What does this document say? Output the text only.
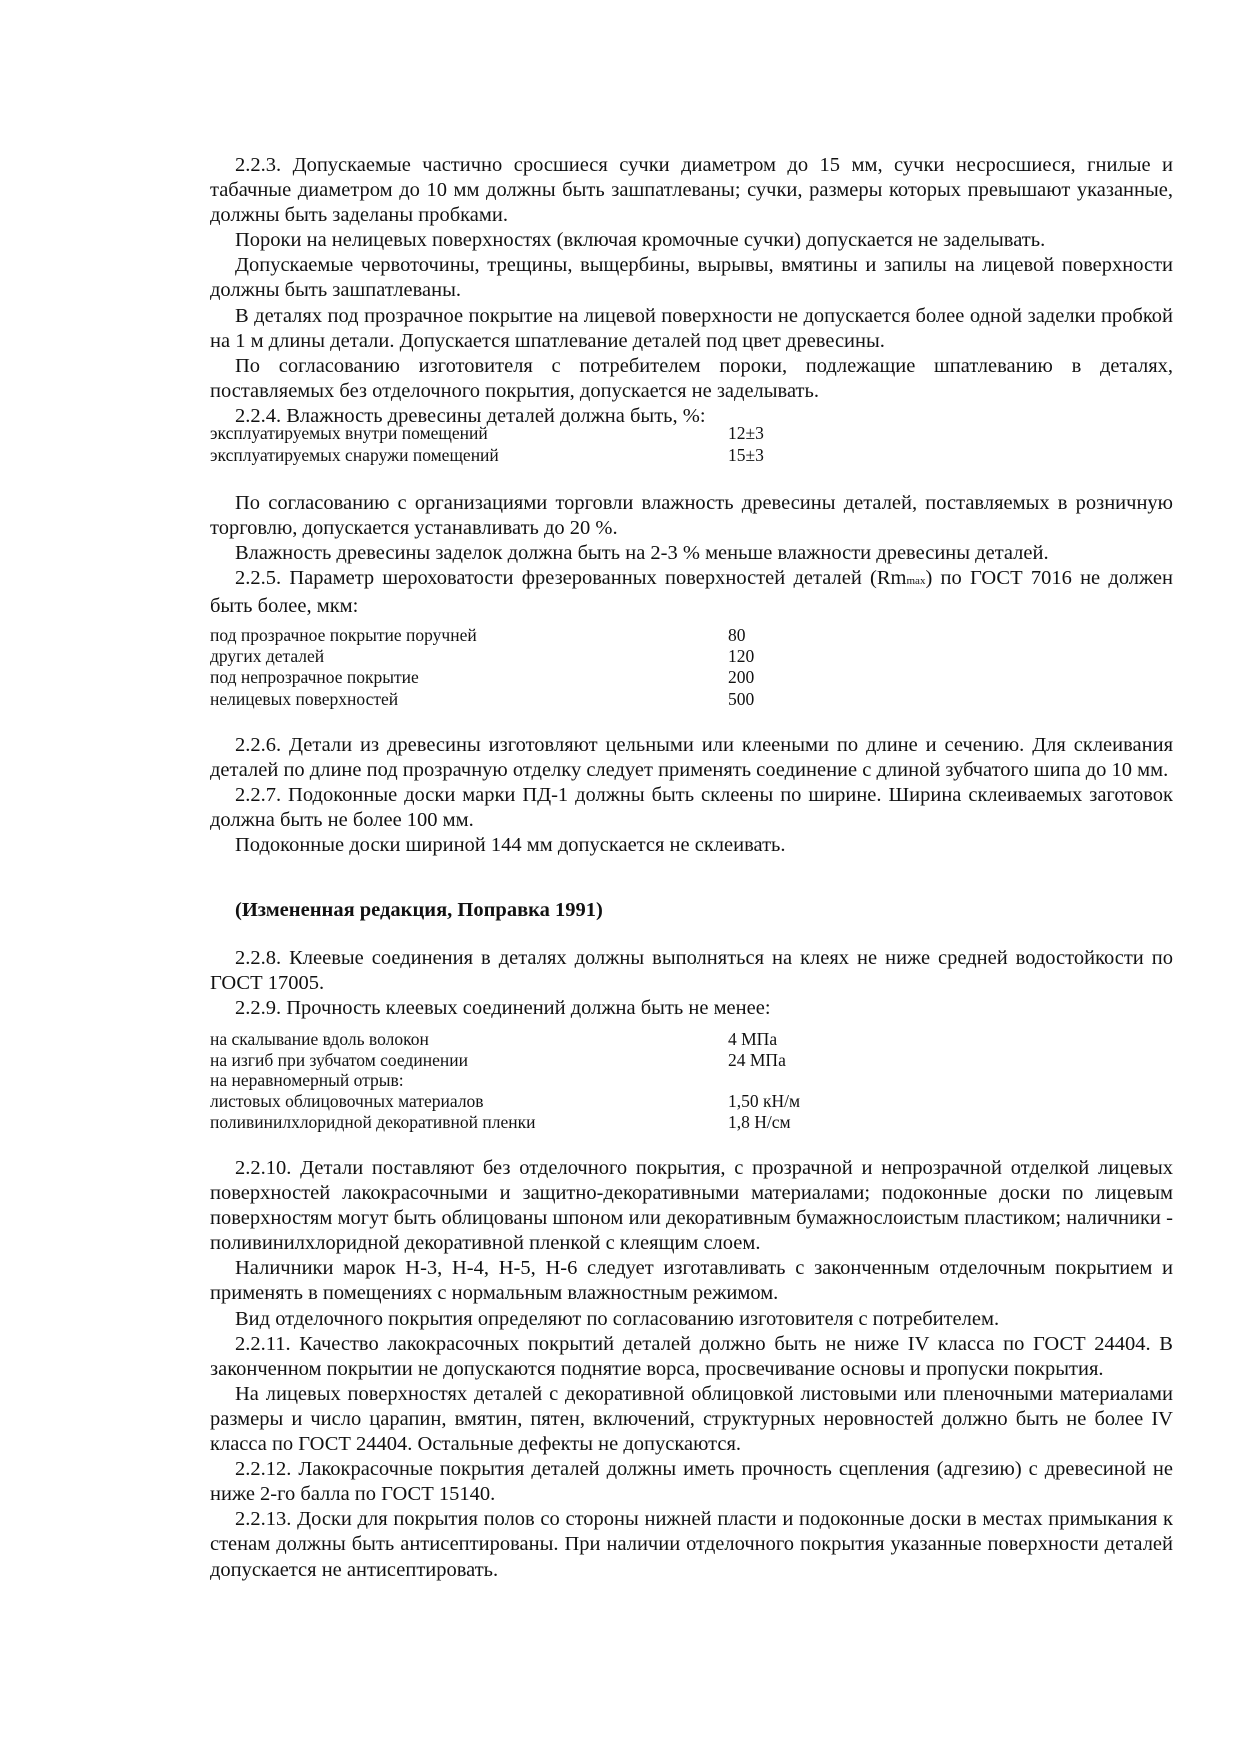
2.2.3. Допускаемые частично сросшиеся сучки диаметром до 15 мм, сучки несросшиеся, гнилые и табачные диаметром до 10 мм должны быть зашпатлеваны; сучки, размеры которых превышают указанные, должны быть заделаны пробками.

Пороки на нелицевых поверхностях (включая кромочные сучки) допускается не заделывать.

Допускаемые червоточины, трещины, выщербины, вырывы, вмятины и запилы на лицевой поверхности должны быть зашпатлеваны.

В деталях под прозрачное покрытие на лицевой поверхности не допускается более одной заделки пробкой на 1 м длины детали. Допускается шпатлевание деталей под цвет древесины.

По согласованию изготовителя с потребителем пороки, подлежащие шпатлеванию в деталях, поставляемых без отделочного покрытия, допускается не заделывать.

2.2.4. Влажность древесины деталей должна быть, %:

эксплуатируемых внутри помещений	12±3
эксплуатируемых снаружи помещений	15±3

По согласованию с организациями торговли влажность древесины деталей, поставляемых в розничную торговлю, допускается устанавливать до 20 %.

Влажность древесины заделок должна быть на 2-3 % меньше влажности древесины деталей.

2.2.5. Параметр шероховатости фрезерованных поверхностей деталей (Rmmax) по ГОСТ 7016 не должен быть более, мкм:

под прозрачное покрытие поручней	80
других деталей	120
под непрозрачное покрытие	200
нелицевых поверхностей	500

2.2.6. Детали из древесины изготовляют цельными или клееными по длине и сечению. Для склеивания деталей по длине под прозрачную отделку следует применять соединение с длиной зубчатого шипа до 10 мм.

2.2.7. Подоконные доски марки ПД-1 должны быть склеены по ширине. Ширина склеиваемых заготовок должна быть не более 100 мм.

Подоконные доски шириной 144 мм допускается не склеивать.

(Измененная редакция, Поправка 1991)

2.2.8. Клеевые соединения в деталях должны выполняться на клеях не ниже средней водостойкости по ГОСТ 17005.

2.2.9. Прочность клеевых соединений должна быть не менее:

на скалывание вдоль волокон	4 МПа
на изгиб при зубчатом соединении	24 МПа
на неравномерный отрыв:
листовых облицовочных материалов	1,50 кН/м
поливинилхлоридной декоративной пленки	1,8 Н/см

2.2.10. Детали поставляют без отделочного покрытия, с прозрачной и непрозрачной отделкой лицевых поверхностей лакокрасочными и защитно-декоративными материалами; подоконные доски по лицевым поверхностям могут быть облицованы шпоном или декоративным бумажнослоистым пластиком; наличники - поливинилхлоридной декоративной пленкой с клеящим слоем.

Наличники марок Н-3, Н-4, Н-5, Н-6 следует изготавливать с законченным отделочным покрытием и применять в помещениях с нормальным влажностным режимом.

Вид отделочного покрытия определяют по согласованию изготовителя с потребителем.

2.2.11. Качество лакокрасочных покрытий деталей должно быть не ниже IV класса по ГОСТ 24404. В законченном покрытии не допускаются поднятие ворса, просвечивание основы и пропуски покрытия.

На лицевых поверхностях деталей с декоративной облицовкой листовыми или пленочными материалами размеры и число царапин, вмятин, пятен, включений, структурных неровностей должно быть не более IV класса по ГОСТ 24404. Остальные дефекты не допускаются.

2.2.12. Лакокрасочные покрытия деталей должны иметь прочность сцепления (адгезию) с древесиной не ниже 2-го балла по ГОСТ 15140.

2.2.13. Доски для покрытия полов со стороны нижней пласти и подоконные доски в местах примыкания к стенам должны быть антисептированы. При наличии отделочного покрытия указанные поверхности деталей допускается не антисептировать.
